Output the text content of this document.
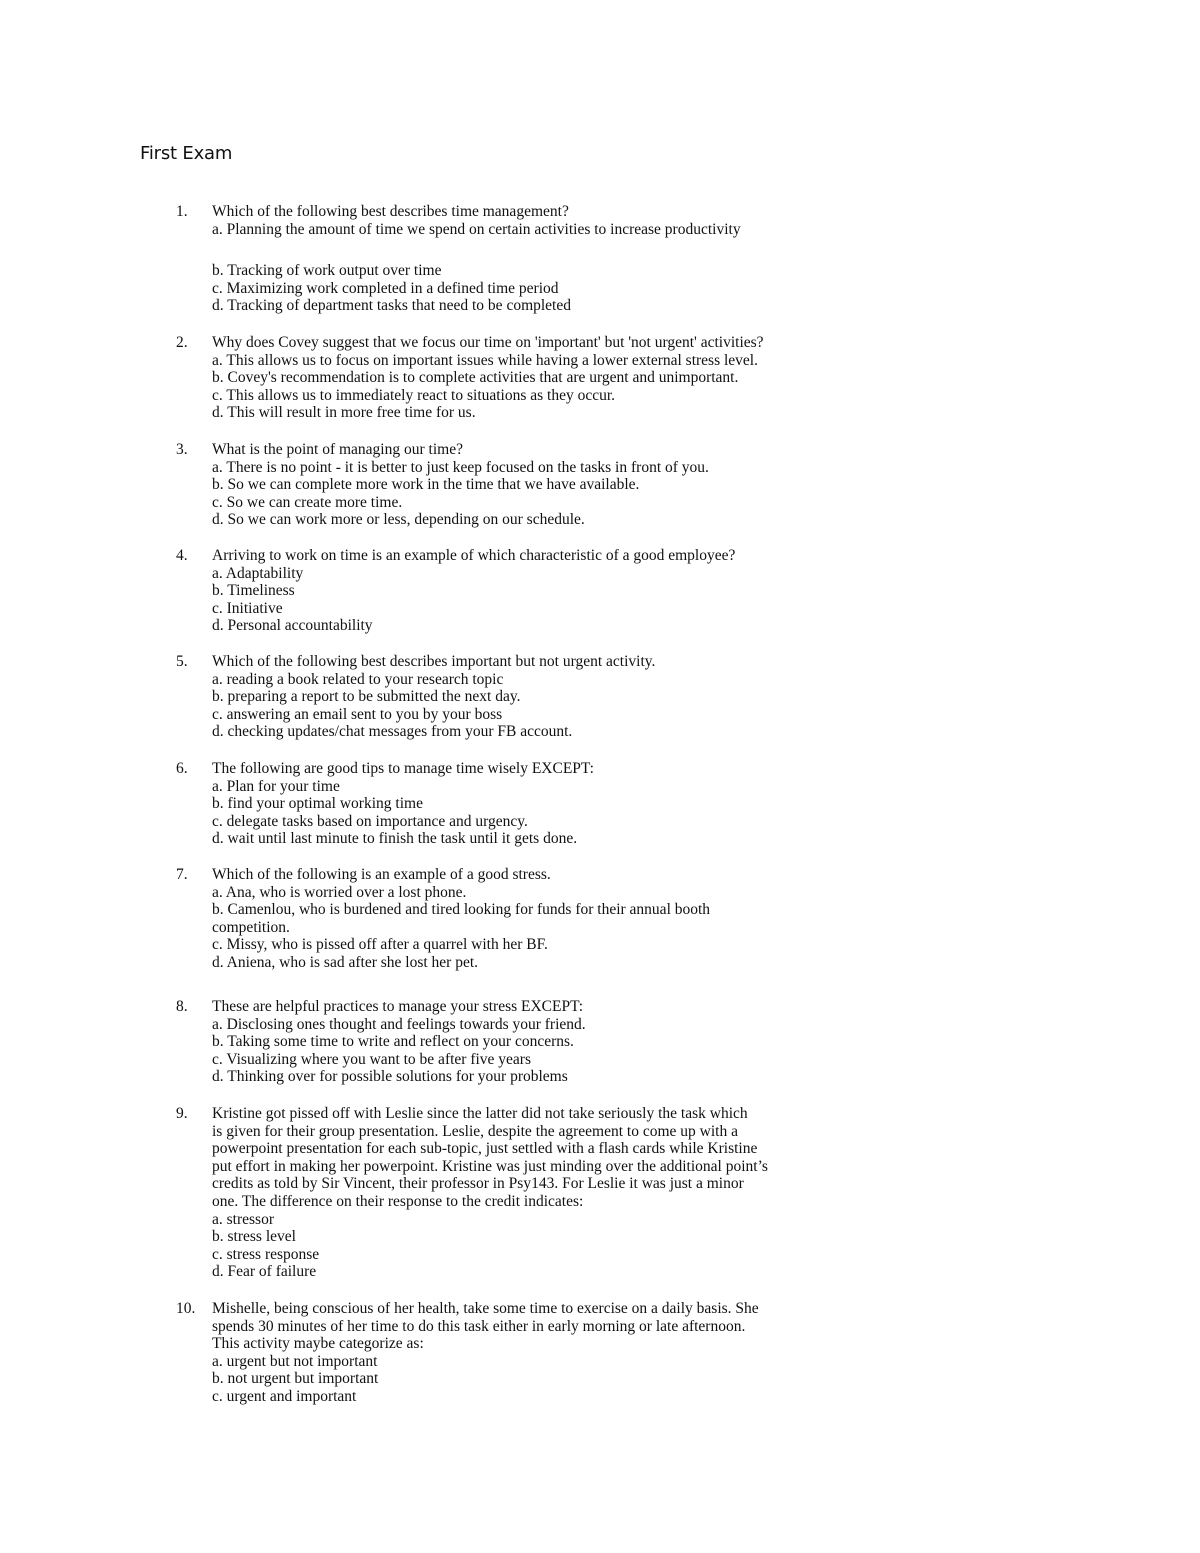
First Exam
1. Which of the following best describes time management?
a. Planning the amount of time we spend on certain activities to increase productivity
b. Tracking of work output over time
c. Maximizing work completed in a defined time period
d. Tracking of department tasks that need to be completed
2. Why does Covey suggest that we focus our time on 'important' but 'not urgent' activities?
a. This allows us to focus on important issues while having a lower external stress level.
b. Covey's recommendation is to complete activities that are urgent and unimportant.
c. This allows us to immediately react to situations as they occur.
d. This will result in more free time for us.
3. What is the point of managing our time?
a. There is no point - it is better to just keep focused on the tasks in front of you.
b. So we can complete more work in the time that we have available.
c. So we can create more time.
d. So we can work more or less, depending on our schedule.
4. Arriving to work on time is an example of which characteristic of a good employee?
a. Adaptability
b. Timeliness
c. Initiative
d. Personal accountability
5. Which of the following best describes important but not urgent activity.
a. reading a book related to your research topic
b. preparing a report to be submitted the next day.
c. answering an email sent to you by your boss
d. checking updates/chat messages from your FB account.
6. The following are good tips to manage time wisely EXCEPT:
a. Plan for your time
b. find your optimal working time
c. delegate tasks based on importance and urgency.
d. wait until last minute to finish the task until it gets done.
7. Which of the following is an example of a good stress.
a. Ana, who is worried over a lost phone.
b. Camenlou, who is burdened and tired looking for funds for their annual booth
competition.
c. Missy, who is pissed off after a quarrel with her BF.
d. Aniena, who is sad after she lost her pet.
8. These are helpful practices to manage your stress EXCEPT:
a. Disclosing ones thought and feelings towards your friend.
b. Taking some time to write and reflect on your concerns.
c. Visualizing where you want to be after five years
d. Thinking over for possible solutions for your problems
9. Kristine got pissed off with Leslie since the latter did not take seriously the task which
is given for their group presentation. Leslie, despite the agreement to come up with a
powerpoint presentation for each sub-topic, just settled with a flash cards while Kristine
put effort in making her powerpoint. Kristine was just minding over the additional point’s
credits as told by Sir Vincent, their professor in Psy143. For Leslie it was just a minor
one. The difference on their response to the credit indicates:
a. stressor
b. stress level
c. stress response
d. Fear of failure
10. Mishelle, being conscious of her health, take some time to exercise on a daily basis. She
spends 30 minutes of her time to do this task either in early morning or late afternoon.
This activity maybe categorize as:
a. urgent but not important
b. not urgent but important
c. urgent and important
